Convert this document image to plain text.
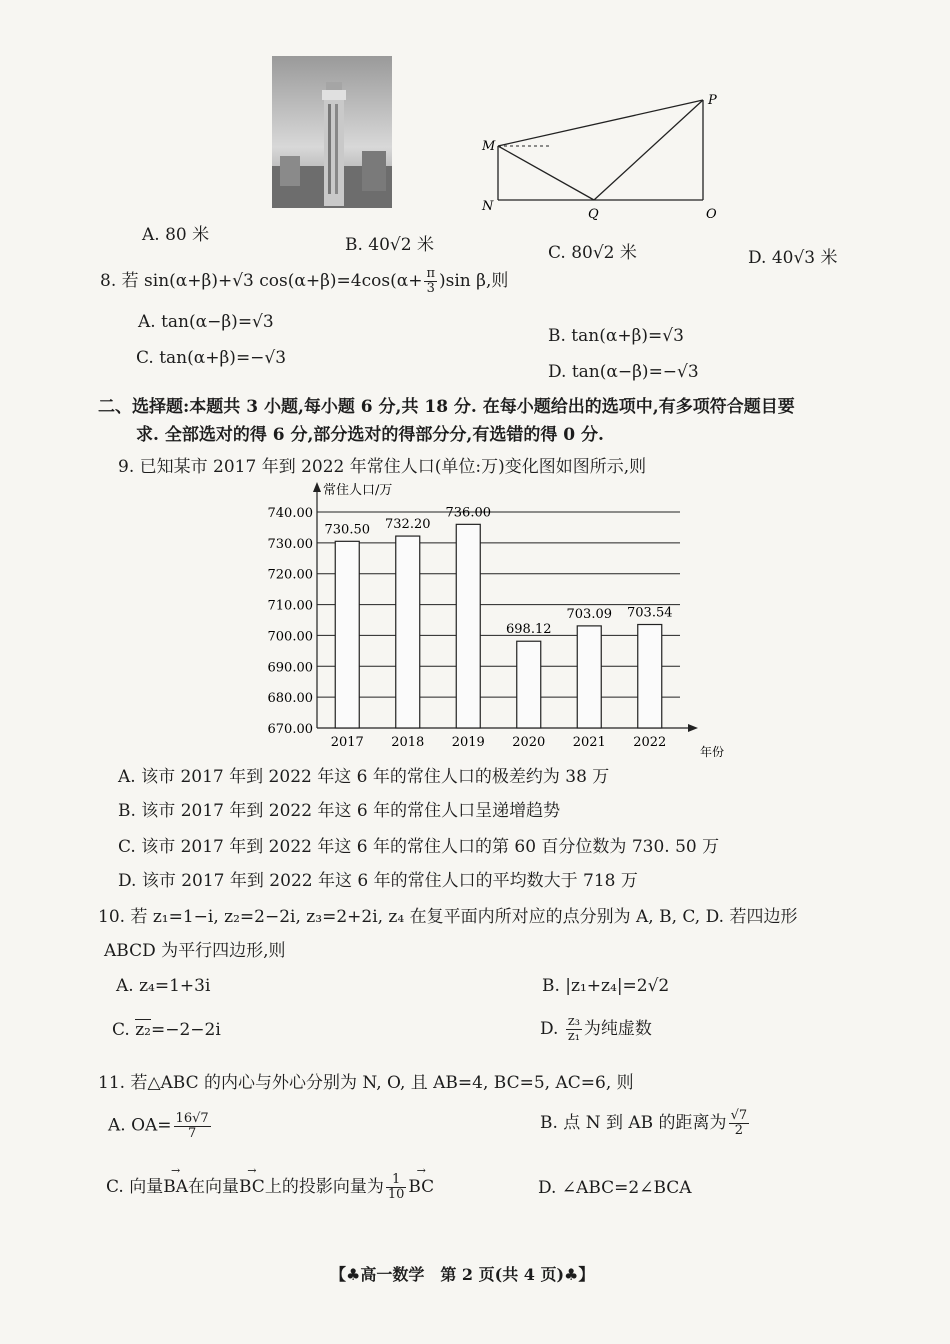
P
M
N
Q	O
A. 80 米	B. 40√2 米	C. 80√2 米	D. 40√3 米
8. 若 sin(α+β)+√3 $\cos(\alpha+\beta)=4\cos(\alpha+ \frac{\pi}{3} )\sin$ β,则
A. tan(α−β)=√3
B. tan(α+β)=√3
C. tan(α+β)=−√3
D. tan(α−β)=−√3
二、选择题:本题共 3 小题,每小题 6 分,共 18 分. 在每小题给出的选项中,有多项符合题目要
求. 全部选对的得 6 分,部分选对的得部分分,有选错的得 0 分.
9. 已知某市 2017 年到 2022 年常住人口(单位:万)变化图如图所示,则
670.00
680.00
690.00
700.00
710.00
720.00
730.00
740.00
常住人口/万
年份
730.50
2017
732.20
2018
736.00
2019
698.12
2020
703.09
2021
703.54
2022
A. 该市 2017 年到 2022 年这 6 年的常住人口的极差约为 38 万
B. 该市 2017 年到 2022 年这 6 年的常住人口呈递增趋势
C. 该市 2017 年到 2022 年这 6 年的常住人口的第 60 百分位数为 730. 50 万
D. 该市 2017 年到 2022 年这 6 年的常住人口的平均数大于 718 万
10. 若 z₁=1−i, z₂=2−2i, z₃=2+2i, z₄ 在复平面内所对应的点分别为 A, B, C, D. 若四边形
ABCD 为平行四边形,则
A. z₄=1+3i	B. |z₁+z₄|=2√2
C. z₂=−2−2i	D. $\frac{\text{z₃}}{\text{z₁}}$ 为纯虚数
11. 若△ABC 的内心与外心分别为 N, O, 且 AB=4, BC=5, AC=6, 则
A. $OA= \frac{16√7}{7}$	B. 点 N 到 AB 的距离为 $\frac{√7}{2}$
C. 向量→ BA在向量→ BC上的投影向量为 $\frac{1}{10}$
→ BC	D. ∠ABC=2∠BCA
【♣高一数学　第 2 页(共 4 页)♣】
